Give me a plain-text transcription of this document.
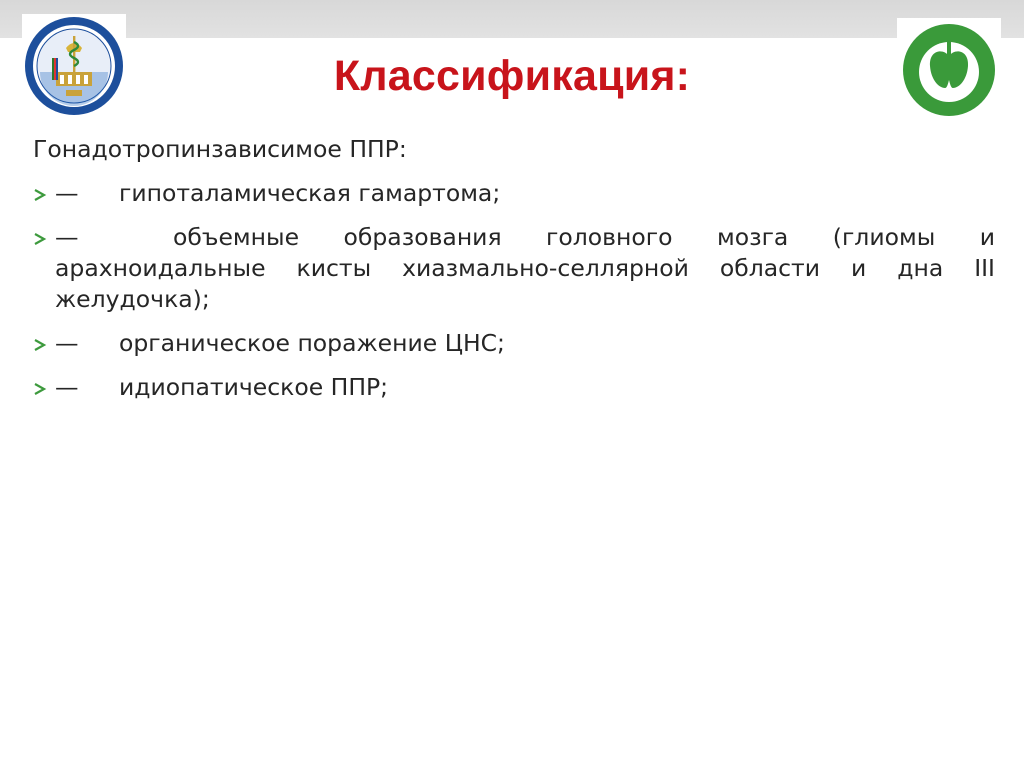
Классификация:
Гонадотропинзависимое ППР:
— гипоталамическая гамартома;
—	объемные образования головного мозга (глиомы и арахноидальные кисты хиазмально-селлярной области и дна III желудочка);
— органическое поражение ЦНС;
— идиопатическое ППР;
